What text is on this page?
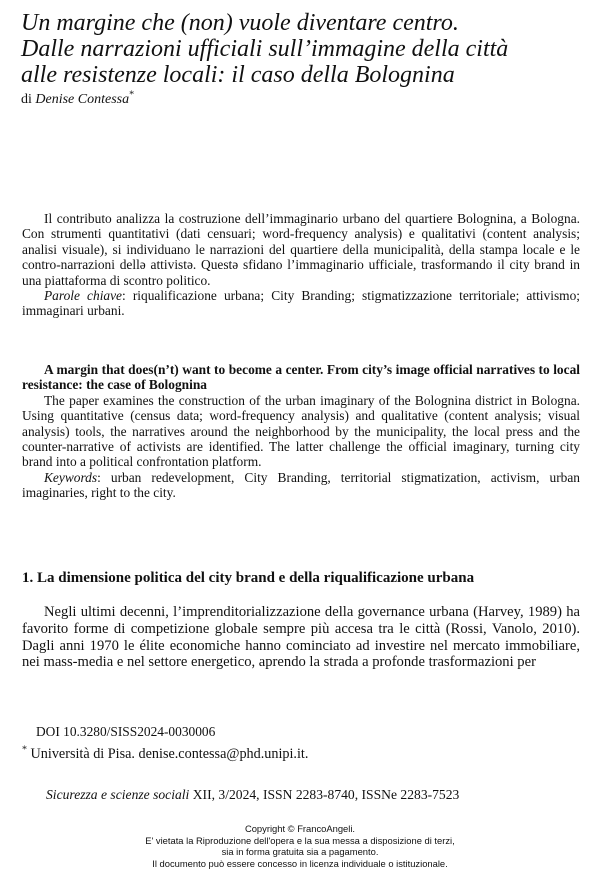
Un margine che (non) vuole diventare centro.
Dalle narrazioni ufficiali sull’immagine della città
alle resistenze locali: il caso della Bolognina
di Denise Contessa*

Il contributo analizza la costruzione dell’immaginario urbano del quartiere Bolognina, a Bologna. Con strumenti quantitativi (dati censuari; word-frequency analysis) e qualitativi (content analysis; analisi visuale), si individuano le narrazioni del quartiere della municipalità, della stampa locale e le contro-narrazioni dellə attivistə. Questə sfidano l’immaginario ufficiale, trasformando il city brand in una piattaforma di scontro politico.

Parole chiave: riqualificazione urbana; City Branding; stigmatizzazione territoriale; attivismo; immaginari urbani.

A margin that does(n’t) want to become a center. From city’s image official narratives to local resistance: the case of Bolognina

The paper examines the construction of the urban imaginary of the Bolognina district in Bologna. Using quantitative (census data; word-frequency analysis) and qualitative (content analysis; visual analysis) tools, the narratives around the neighborhood by the municipality, the local press and the counter-narrative of activists are identified. The latter challenge the official imaginary, turning city brand into a political confrontation platform.

Keywords: urban redevelopment, City Branding, territorial stigmatization, activism, urban imaginaries, right to the city.

1. La dimensione politica del city brand e della riqualificazione urbana

Negli ultimi decenni, l’imprenditorializzazione della governance urbana (Harvey, 1989) ha favorito forme di competizione globale sempre più accesa tra le città (Rossi, Vanolo, 2010). Dagli anni 1970 le élite economiche hanno cominciato ad investire nel mercato immobiliare, nei mass-media e nel settore energetico, aprendo la strada a profonde trasformazioni per

DOI 10.3280/SISS2024-0030006
* Università di Pisa. denise.contessa@phd.unipi.it.
Sicurezza e scienze sociali XII, 3/2024, ISSN 2283-8740, ISSNe 2283-7523
Copyright © FrancoAngeli.
E' vietata la Riproduzione dell'opera e la sua messa a disposizione di terzi,
sia in forma gratuita sia a pagamento.
Il documento può essere concesso in licenza individuale o istituzionale.
